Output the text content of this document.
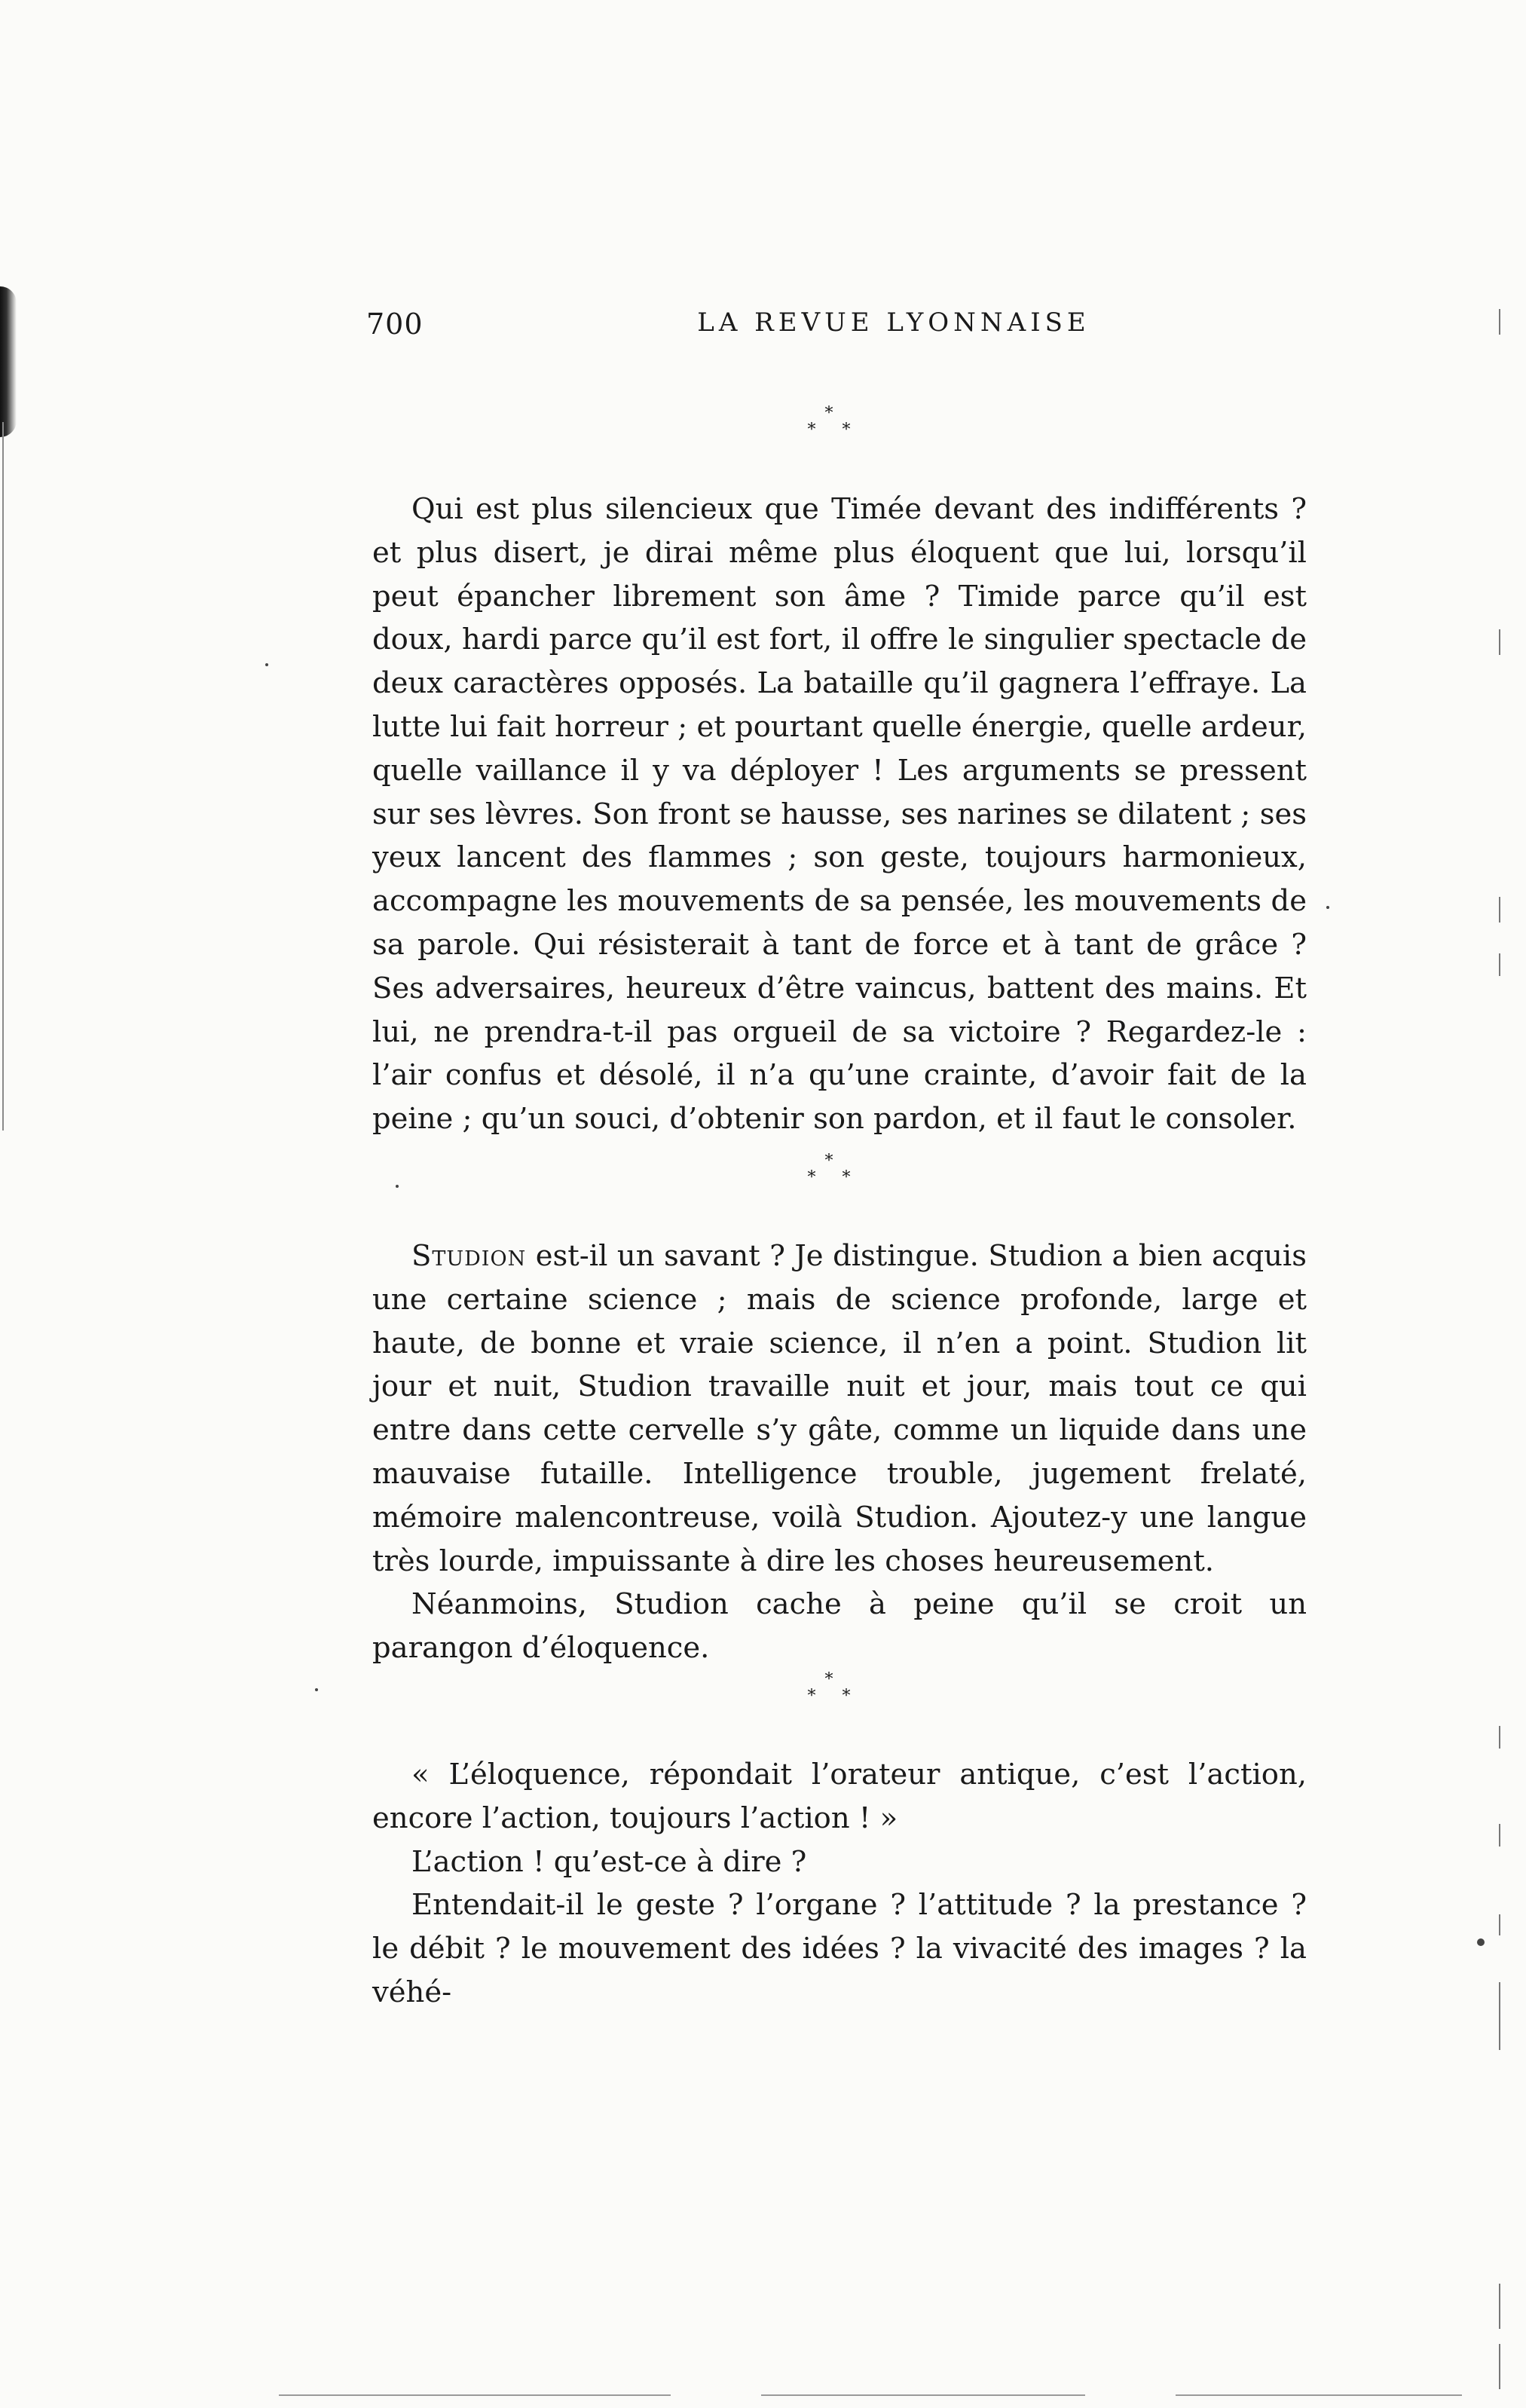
700	LA REVUE LYONNAISE
*
* *

Qui est plus silencieux que Timée devant des indifférents ? et plus disert, je dirai même plus éloquent que lui, lorsqu’il peut épancher librement son âme ? Timide parce qu’il est doux, hardi parce qu’il est fort, il offre le singulier spectacle de deux caractères opposés. La bataille qu’il gagnera l’effraye. La lutte lui fait horreur ; et pourtant quelle énergie, quelle ardeur, quelle vaillance il y va déployer ! Les arguments se pressent sur ses lèvres. Son front se hausse, ses narines se dilatent ; ses yeux lancent des flammes ; son geste, toujours harmonieux, accompagne les mouvements de sa pensée, les mouvements de sa parole. Qui résisterait à tant de force et à tant de grâce ? Ses adversaires, heureux d’être vaincus, battent des mains. Et lui, ne prendra-t-il pas orgueil de sa victoire ? Regardez-le : l’air confus et désolé, il n’a qu’une crainte, d’avoir fait de la peine ; qu’un souci, d’obtenir son pardon, et il faut le consoler.

*
* *

Studion est-il un savant ? Je distingue. Studion a bien acquis une certaine science ; mais de science profonde, large et haute, de bonne et vraie science, il n’en a point. Studion lit jour et nuit, Studion travaille nuit et jour, mais tout ce qui entre dans cette cervelle s’y gâte, comme un liquide dans une mauvaise futaille. Intelligence trouble, jugement frelaté, mémoire malencontreuse, voilà Studion. Ajoutez-y une langue très lourde, impuissante à dire les choses heureusement.

Néanmoins, Studion cache à peine qu’il se croit un parangon d’éloquence.

*
* *

« L’éloquence, répondait l’orateur antique, c’est l’action, encore l’action, toujours l’action ! »

L’action ! qu’est-ce à dire ?

Entendait-il le geste ? l’organe ? l’attitude ? la prestance ? le débit ? le mouvement des idées ? la vivacité des images ? la véhé-
